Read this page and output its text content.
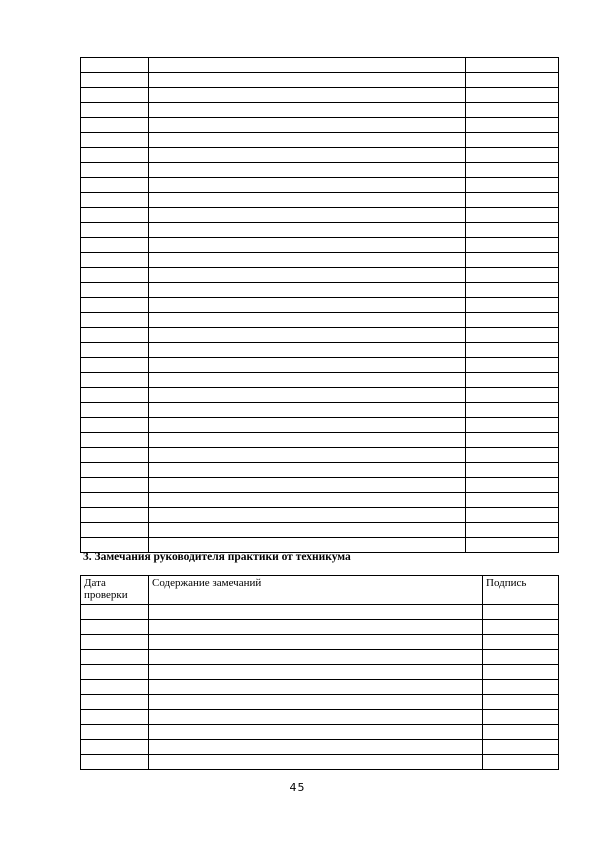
3. Замечания руководителя практики от техникума

Дата проверки	Содержание замечаний	Подпись

45
